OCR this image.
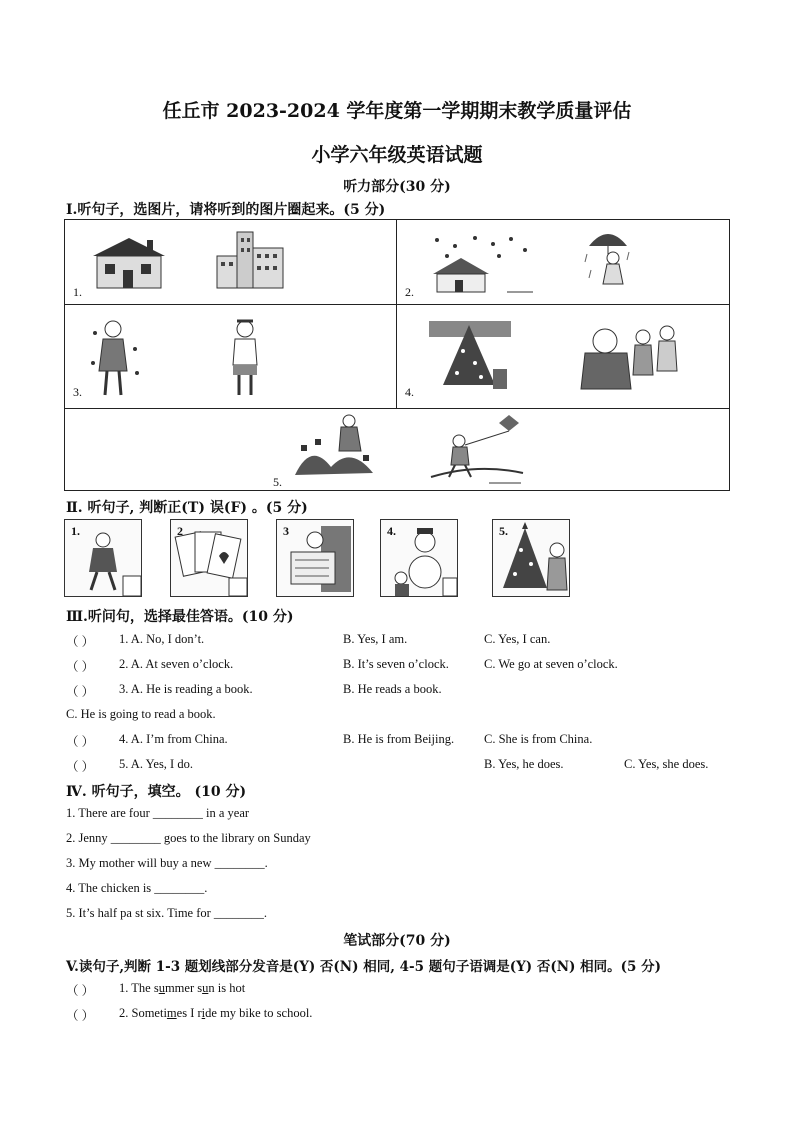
任丘市 2023-2024 学年度第一学期期末教学质量评估
小学六年级英语试题
听力部分(30 分)
Ⅰ.听句子，选图片，请将听到的图片圈起来。(5 分)
1.	2.
3.	4.
5.
Ⅱ. 听句子, 判断正(T) 误(F) 。(5 分)
1.	2	3	4.	5.
Ⅲ.听问句，选择最佳答语。(10 分)
（ ） 1. A. No, I don’t.	B. Yes, I am.	C. Yes, I can.
（ ） 2. A. At seven o’clock.	B. It’s seven o’clock.	C. We go at seven o’clock.
（ ） 3. A. He is reading a book.	B. He reads a book.
C. He is going to read a book.
（ ） 4. A. I’m from China.	B. He is from Beijing. C. She is from China.
（ ） 5. A. Yes, I do.	B. Yes, he does.	C. Yes, she does.
Ⅳ. 听句子，填空。 (10 分)
1. There are four ________ in a year
2. Jenny ________ goes to the library on Sunday
3. My mother will buy a new ________.
4. The chicken is ________.
5. It’s half pa st six. Time for ________.
笔试部分(70 分)
V.读句子,判断 1-3 题划线部分发音是(Y) 否(N) 相同, 4-5 题句子语调是(Y) 否(N) 相同。(5 分)
（ ） 1. The summer sun is hot
（ ） 2. Sometimes I ride my bike to school.
